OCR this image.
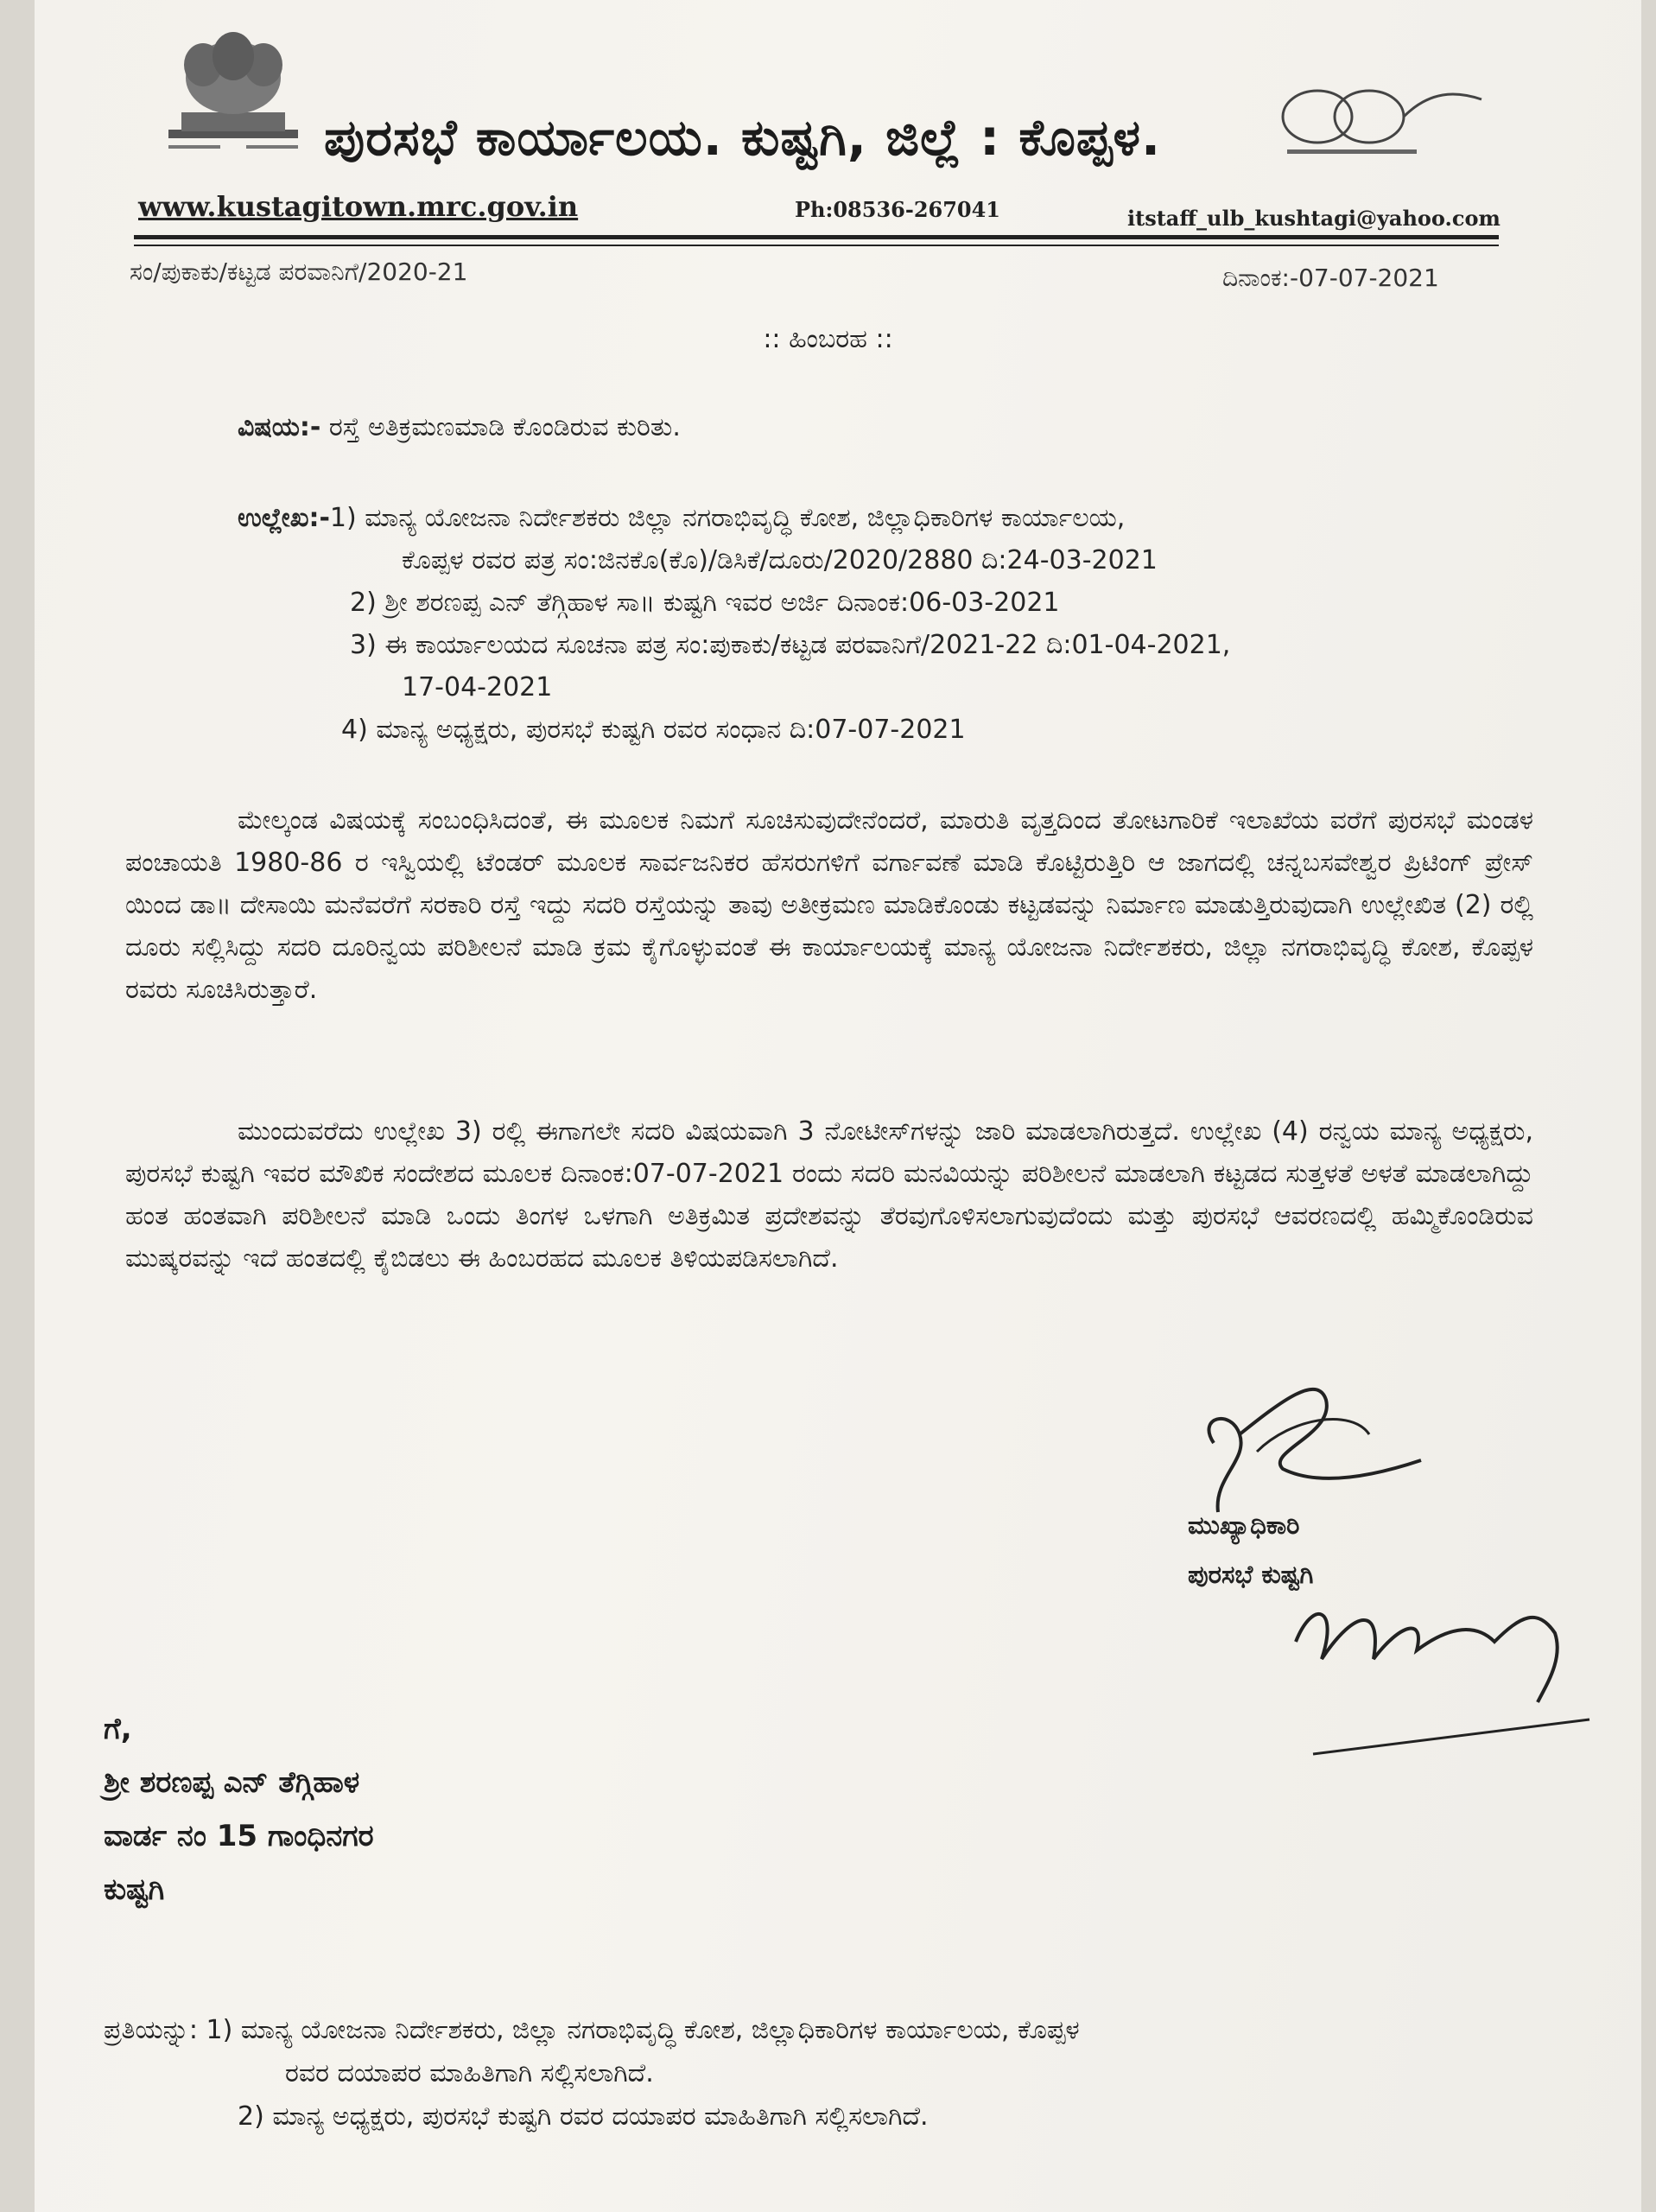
ಪುರಸಭೆ ಕಾರ್ಯಾಲಯ. ಕುಷ್ಟಗಿ, ಜಿಲ್ಲೆ : ಕೊಪ್ಪಳ.
www.kustagitown.mrc.gov.in	Ph:08536-267041	itstaff_ulb_kushtagi@yahoo.com
ಸಂ/ಪುಕಾಕು/ಕಟ್ಟಡ ಪರವಾನಿಗೆ/2020-21	ದಿನಾಂಕ:-07-07-2021
:: ಹಿಂಬರಹ ::
ವಿಷಯ:- ರಸ್ತೆ ಅತಿಕ್ರಮಣಮಾಡಿ ಕೊಂಡಿರುವ ಕುರಿತು.
ಉಲ್ಲೇಖ:-1) ಮಾನ್ಯ ಯೋಜನಾ ನಿರ್ದೇಶಕರು ಜಿಲ್ಲಾ ನಗರಾಭಿವೃದ್ಧಿ ಕೋಶ, ಜಿಲ್ಲಾಧಿಕಾರಿಗಳ ಕಾರ್ಯಾಲಯ,
ಕೊಪ್ಪಳ ರವರ ಪತ್ರ ಸಂ:ಜಿನಕೊ(ಕೊ)/ಡಿಸಿಕೆ/ದೂರು/2020/2880 ದಿ:24-03-2021
2) ಶ್ರೀ ಶರಣಪ್ಪ ಎನ್ ತೆಗ್ಗಿಹಾಳ ಸಾ॥ ಕುಷ್ಟಗಿ ಇವರ ಅರ್ಜಿ ದಿನಾಂಕ:06-03-2021
3) ಈ ಕಾರ್ಯಾಲಯದ ಸೂಚನಾ ಪತ್ರ ಸಂ:ಪುಕಾಕು/ಕಟ್ಟಡ ಪರವಾನಿಗೆ/2021-22 ದಿ:01-04-2021,
17-04-2021
4) ಮಾನ್ಯ ಅಧ್ಯಕ್ಷರು, ಪುರಸಭೆ ಕುಷ್ಟಗಿ ರವರ ಸಂಧಾನ ದಿ:07-07-2021
ಮೇಲ್ಕಂಡ ವಿಷಯಕ್ಕೆ ಸಂಬಂಧಿಸಿದಂತೆ, ಈ ಮೂಲಕ ನಿಮಗೆ ಸೂಚಿಸುವುದೇನೆಂದರೆ, ಮಾರುತಿ ವೃತ್ತದಿಂದ ತೋಟಗಾರಿಕೆ ಇಲಾಖೆಯ ವರೆಗೆ ಪುರಸಭೆ ಮಂಡಳ ಪಂಚಾಯತಿ 1980-86 ರ ಇಸ್ವಿಯಲ್ಲಿ ಟೆಂಡರ್ ಮೂಲಕ ಸಾರ್ವಜನಿಕರ ಹೆಸರುಗಳಿಗೆ ವರ್ಗಾವಣೆ ಮಾಡಿ ಕೊಟ್ಟಿರುತ್ತಿರಿ ಆ ಜಾಗದಲ್ಲಿ ಚನ್ನಬಸವೇಶ್ವರ ಪ್ರಿಟಿಂಗ್ ಪ್ರೇಸ್ ಯಿಂದ ಡಾ॥ ದೇಸಾಯಿ ಮನೆವರೆಗೆ ಸರಕಾರಿ ರಸ್ತೆ ಇದ್ದು ಸದರಿ ರಸ್ತೆಯನ್ನು ತಾವು ಅತೀಕ್ರಮಣ ಮಾಡಿಕೊಂಡು ಕಟ್ಟಡವನ್ನು ನಿರ್ಮಾಣ ಮಾಡುತ್ತಿರುವುದಾಗಿ ಉಲ್ಲೇಖಿತ (2) ರಲ್ಲಿ ದೂರು ಸಲ್ಲಿಸಿದ್ದು ಸದರಿ ದೂರಿನ್ವಯ ಪರಿಶೀಲನೆ ಮಾಡಿ ಕ್ರಮ ಕೈಗೊಳ್ಳುವಂತೆ ಈ ಕಾರ್ಯಾಲಯಕ್ಕೆ ಮಾನ್ಯ ಯೋಜನಾ ನಿರ್ದೇಶಕರು, ಜಿಲ್ಲಾ ನಗರಾಭಿವೃದ್ಧಿ ಕೋಶ, ಕೊಪ್ಪಳ ರವರು ಸೂಚಿಸಿರುತ್ತಾರೆ.
ಮುಂದುವರೆದು ಉಲ್ಲೇಖ 3) ರಲ್ಲಿ ಈಗಾಗಲೇ ಸದರಿ ವಿಷಯವಾಗಿ 3 ನೋಟೀಸ್‌ಗಳನ್ನು ಜಾರಿ ಮಾಡಲಾಗಿರುತ್ತದೆ. ಉಲ್ಲೇಖ (4) ರನ್ವಯ ಮಾನ್ಯ ಅಧ್ಯಕ್ಷರು, ಪುರಸಭೆ ಕುಷ್ಟಗಿ ಇವರ ಮೌಖಿಕ ಸಂದೇಶದ ಮೂಲಕ ದಿನಾಂಕ:07-07-2021 ರಂದು ಸದರಿ ಮನವಿಯನ್ನು ಪರಿಶೀಲನೆ ಮಾಡಲಾಗಿ ಕಟ್ಟಡದ ಸುತ್ತಳತೆ ಅಳತೆ ಮಾಡಲಾಗಿದ್ದು ಹಂತ ಹಂತವಾಗಿ ಪರಿಶೀಲನೆ ಮಾಡಿ ಒಂದು ತಿಂಗಳ ಒಳಗಾಗಿ ಅತಿಕ್ರಮಿತ ಪ್ರದೇಶವನ್ನು ತೆರವುಗೊಳಿಸಲಾಗುವುದೆಂದು ಮತ್ತು ಪುರಸಭೆ ಆವರಣದಲ್ಲಿ ಹಮ್ಮಿಕೊಂಡಿರುವ ಮುಷ್ಕರವನ್ನು ಇದೆ ಹಂತದಲ್ಲಿ ಕೈಬಿಡಲು ಈ ಹಿಂಬರಹದ ಮೂಲಕ ತಿಳಿಯಪಡಿಸಲಾಗಿದೆ.
ಮುಖ್ಯಾಧಿಕಾರಿ
ಪುರಸಭೆ ಕುಷ್ಟಗಿ
ಗೆ,
ಶ್ರೀ ಶರಣಪ್ಪ ಎನ್ ತೆಗ್ಗಿಹಾಳ
ವಾರ್ಡ ನಂ 15 ಗಾಂಧಿನಗರ
ಕುಷ್ಟಗಿ
ಪ್ರತಿಯನ್ನು: 1) ಮಾನ್ಯ ಯೋಜನಾ ನಿರ್ದೇಶಕರು, ಜಿಲ್ಲಾ ನಗರಾಭಿವೃದ್ಧಿ ಕೋಶ, ಜಿಲ್ಲಾಧಿಕಾರಿಗಳ ಕಾರ್ಯಾಲಯ, ಕೊಪ್ಪಳ
ರವರ ದಯಾಪರ ಮಾಹಿತಿಗಾಗಿ ಸಲ್ಲಿಸಲಾಗಿದೆ.
2) ಮಾನ್ಯ ಅಧ್ಯಕ್ಷರು, ಪುರಸಭೆ ಕುಷ್ಟಗಿ ರವರ ದಯಾಪರ ಮಾಹಿತಿಗಾಗಿ ಸಲ್ಲಿಸಲಾಗಿದೆ.
